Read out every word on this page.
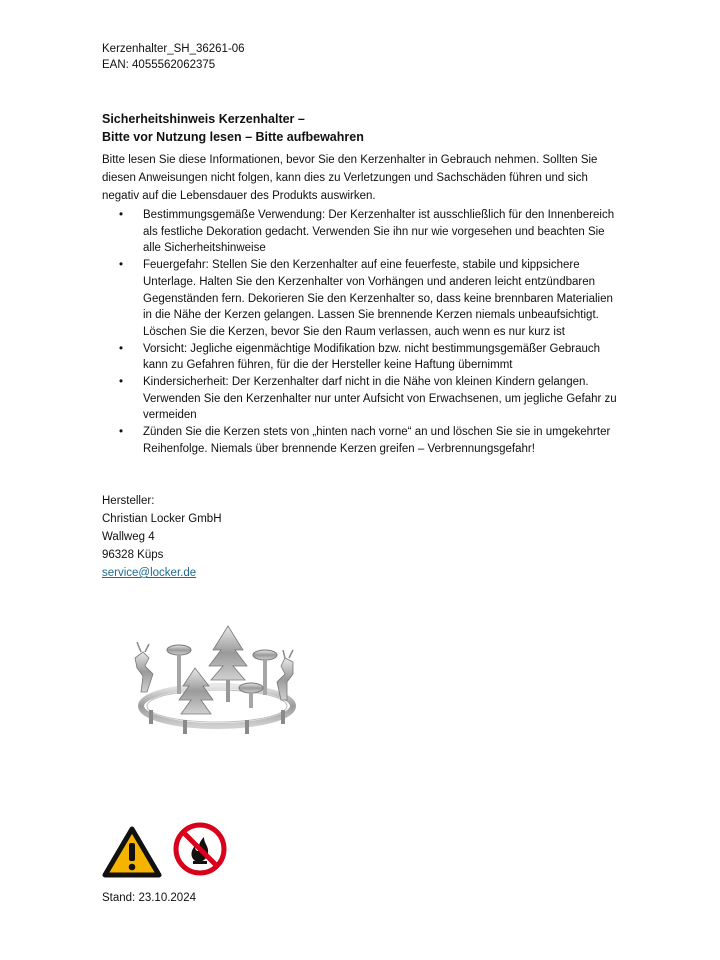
Kerzenhalter_SH_36261-06
EAN: 4055562062375
Sicherheitshinweis Kerzenhalter –
Bitte vor Nutzung lesen – Bitte aufbewahren
Bitte lesen Sie diese Informationen, bevor Sie den Kerzenhalter in Gebrauch nehmen. Sollten Sie diesen Anweisungen nicht folgen, kann dies zu Verletzungen und Sachschäden führen und sich negativ auf die Lebensdauer des Produkts auswirken.
• Bestimmungsgemäße Verwendung: Der Kerzenhalter ist ausschließlich für den Innenbereich als festliche Dekoration gedacht. Verwenden Sie ihn nur wie vorgesehen und beachten Sie alle Sicherheitshinweise
• Feuergefahr: Stellen Sie den Kerzenhalter auf eine feuerfeste, stabile und kippsichere Unterlage. Halten Sie den Kerzenhalter von Vorhängen und anderen leicht entzündbaren Gegenständen fern. Dekorieren Sie den Kerzenhalter so, dass keine brennbaren Materialien in die Nähe der Kerzen gelangen. Lassen Sie brennende Kerzen niemals unbeaufsichtigt. Löschen Sie die Kerzen, bevor Sie den Raum verlassen, auch wenn es nur kurz ist
• Vorsicht: Jegliche eigenmächtige Modifikation bzw. nicht bestimmungsgemäßer Gebrauch kann zu Gefahren führen, für die der Hersteller keine Haftung übernimmt
• Kindersicherheit: Der Kerzenhalter darf nicht in die Nähe von kleinen Kindern gelangen. Verwenden Sie den Kerzenhalter nur unter Aufsicht von Erwachsenen, um jegliche Gefahr zu vermeiden
• Zünden Sie die Kerzen stets von „hinten nach vorne“ an und löschen Sie sie in umgekehrter Reihenfolge. Niemals über brennende Kerzen greifen – Verbrennungsgefahr!
Hersteller:
Christian Locker GmbH
Wallweg 4
96328 Küps
service@locker.de
Stand: 23.10.2024
